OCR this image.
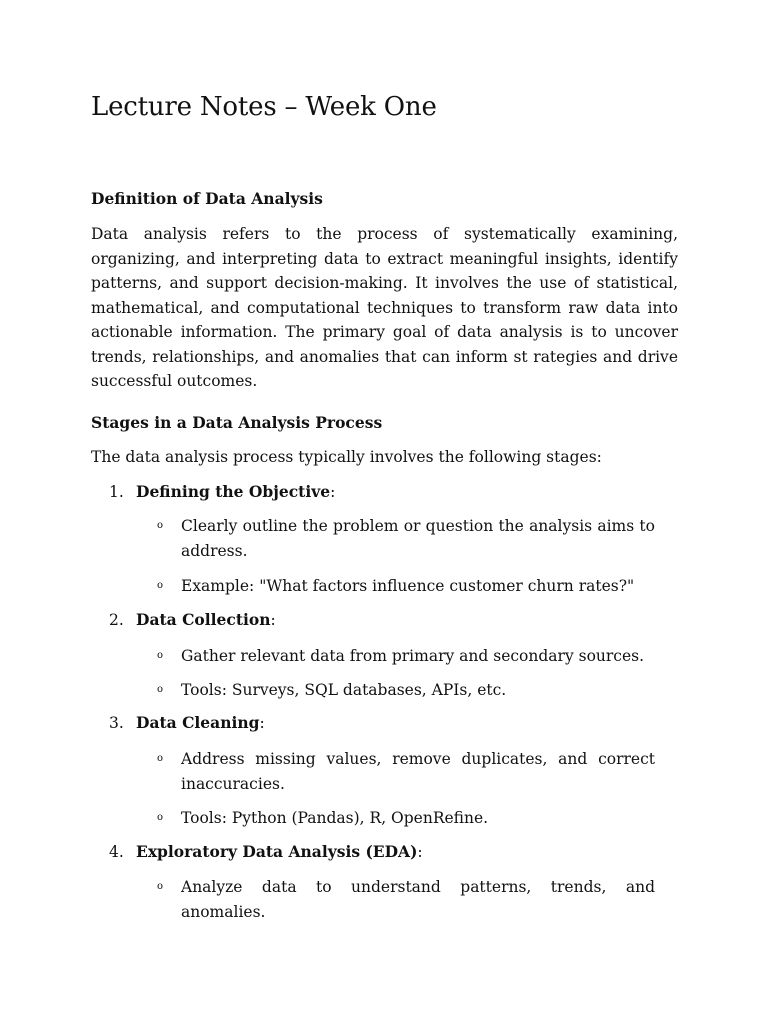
Lecture Notes – Week One
Definition of Data Analysis

Data analysis refers to the process of systematically examining, organizing, and interpreting data to extract meaningful insights, identify patterns, and support decision-making. It involves the use of statistical, mathematical, and computational techniques to transform raw data into actionable information. The primary goal of data analysis is to uncover trends, relationships, and anomalies that can inform st rategies and drive successful outcomes.

Stages in a Data Analysis Process
The data analysis process typically involves the following stages:
1. Defining the Objective:
o Clearly outline the problem or question the analysis aims to address.
o Example: "What factors influence customer churn rates?"
2. Data Collection:
o Gather relevant data from primary and secondary sources.
o Tools: Surveys, SQL databases, APIs, etc.
3. Data Cleaning:
o Address missing values, remove duplicates, and correct inaccuracies.
o Tools: Python (Pandas), R, OpenRefine.
4. Exploratory Data Analysis (EDA):
o Analyze data to understand patterns, trends, and anomalies.
